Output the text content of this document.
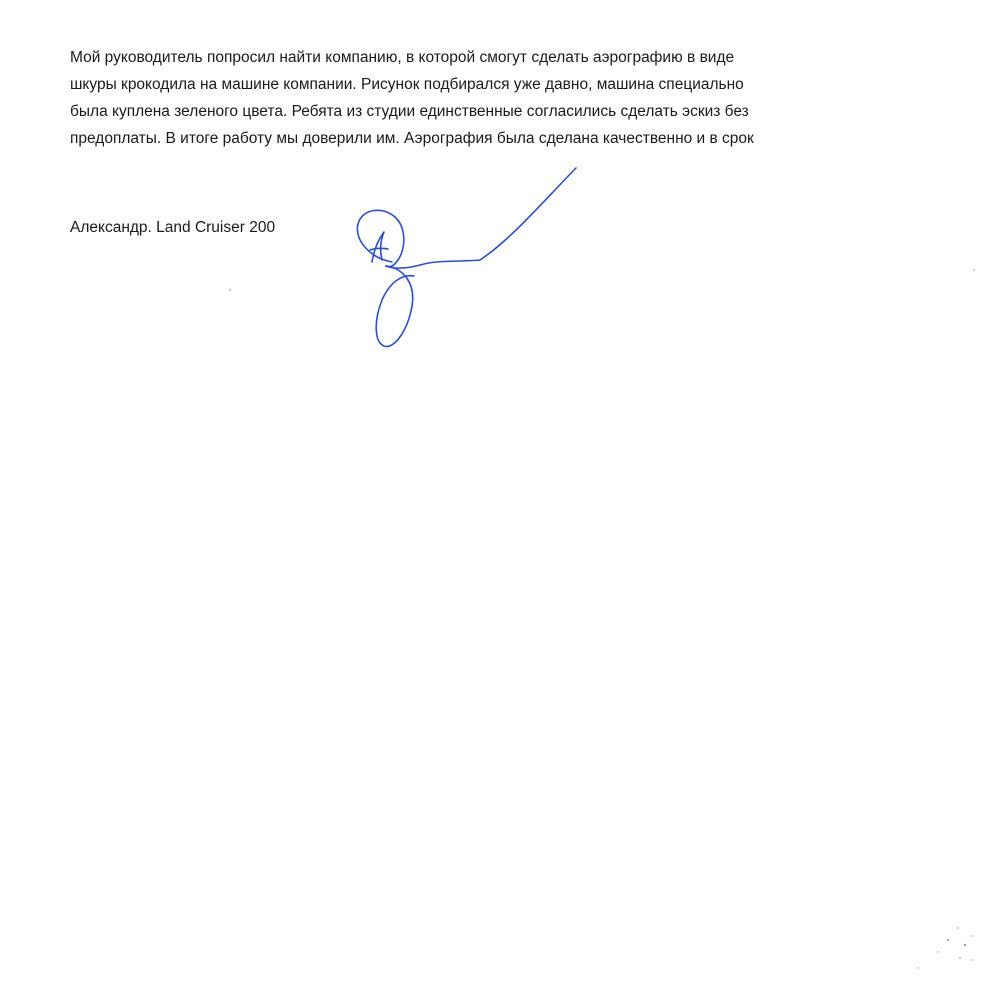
Мой руководитель попросил найти компанию, в которой смогут сделать аэрографию в виде
шкуры крокодила на машине компании. Рисунок подбирался уже давно, машина специально
была куплена зеленого цвета. Ребята из студии единственные согласились сделать эскиз без
предоплаты. В итоге работу мы доверили им. Аэрография была сделана качественно и в срок

Александр. Land Cruiser 200
